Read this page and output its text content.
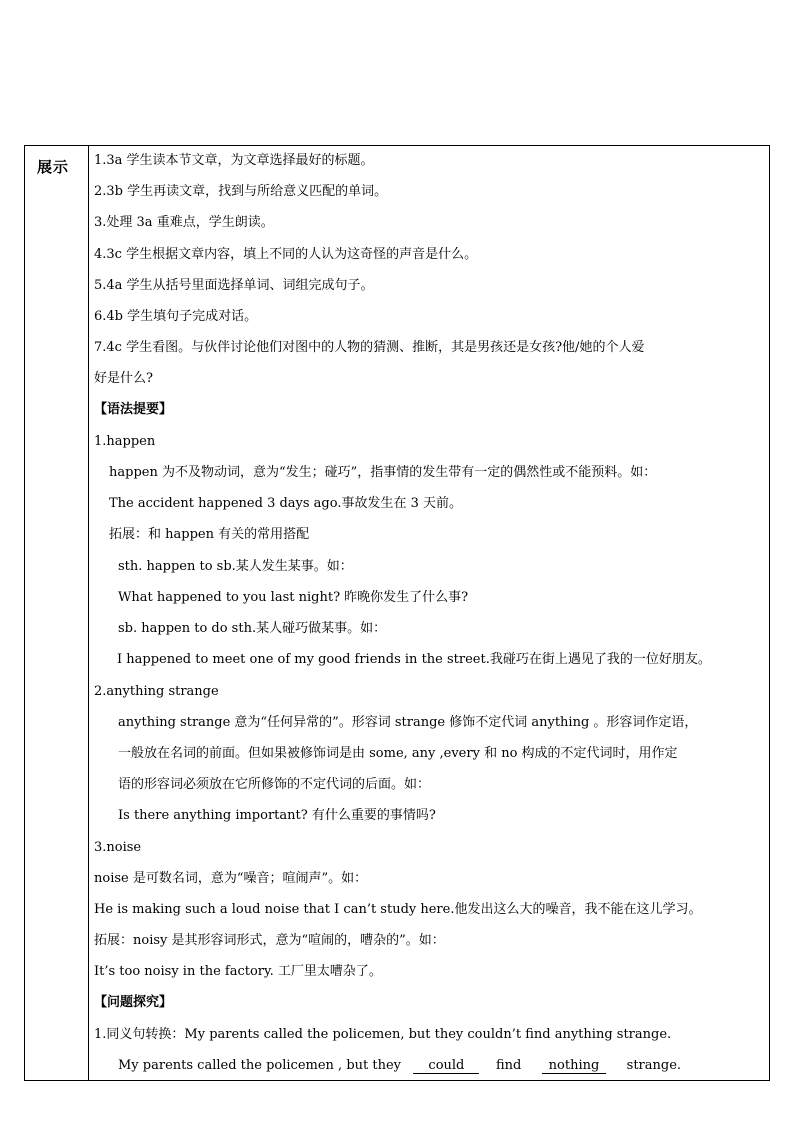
展示 1.3a 学生读本节文章，为文章选择最好的标题。
2.3b 学生再读文章，找到与所给意义匹配的单词。
3.处理 3a 重难点，学生朗读。
4.3c 学生根据文章内容，填上不同的人认为这奇怪的声音是什么。
5.4a 学生从括号里面选择单词、词组完成句子。
6.4b 学生填句子完成对话。
7.4c 学生看图。与伙伴讨论他们对图中的人物的猜测、推断，其是男孩还是女孩?他/她的个人爱
好是什么?
【语法提要】
1.happen
happen 为不及物动词，意为“发生；碰巧”，指事情的发生带有一定的偶然性或不能预料。如：
The accident happened 3 days ago.事故发生在 3 天前。
拓展：和 happen 有关的常用搭配
sth. happen to sb.某人发生某事。如：
What happened to you last night? 昨晚你发生了什么事?
sb. happen to do sth.某人碰巧做某事。如：
I happened to meet one of my good friends in the street.我碰巧在街上遇见了我的一位好朋友。
2.anything strange
anything strange 意为“任何异常的”。形容词 strange 修饰不定代词 anything 。形容词作定语，
一般放在名词的前面。但如果被修饰词是由 some, any ,every 和 no 构成的不定代词时，用作定
语的形容词必须放在它所修饰的不定代词的后面。如：
Is there anything important? 有什么重要的事情吗?
3.noise
noise 是可数名词，意为“噪音；喧闹声”。如：
He is making such a loud noise that I can’t study here.他发出这么大的噪音，我不能在这儿学习。
拓展：noisy 是其形容词形式，意为“喧闹的，嘈杂的”。如：
It’s too noisy in the factory. 工厂里太嘈杂了。
【问题探究】
1.同义句转换：My parents called the policemen, but they couldn’t find anything strange.
My parents called the policemen , but they could find nothing strange.
